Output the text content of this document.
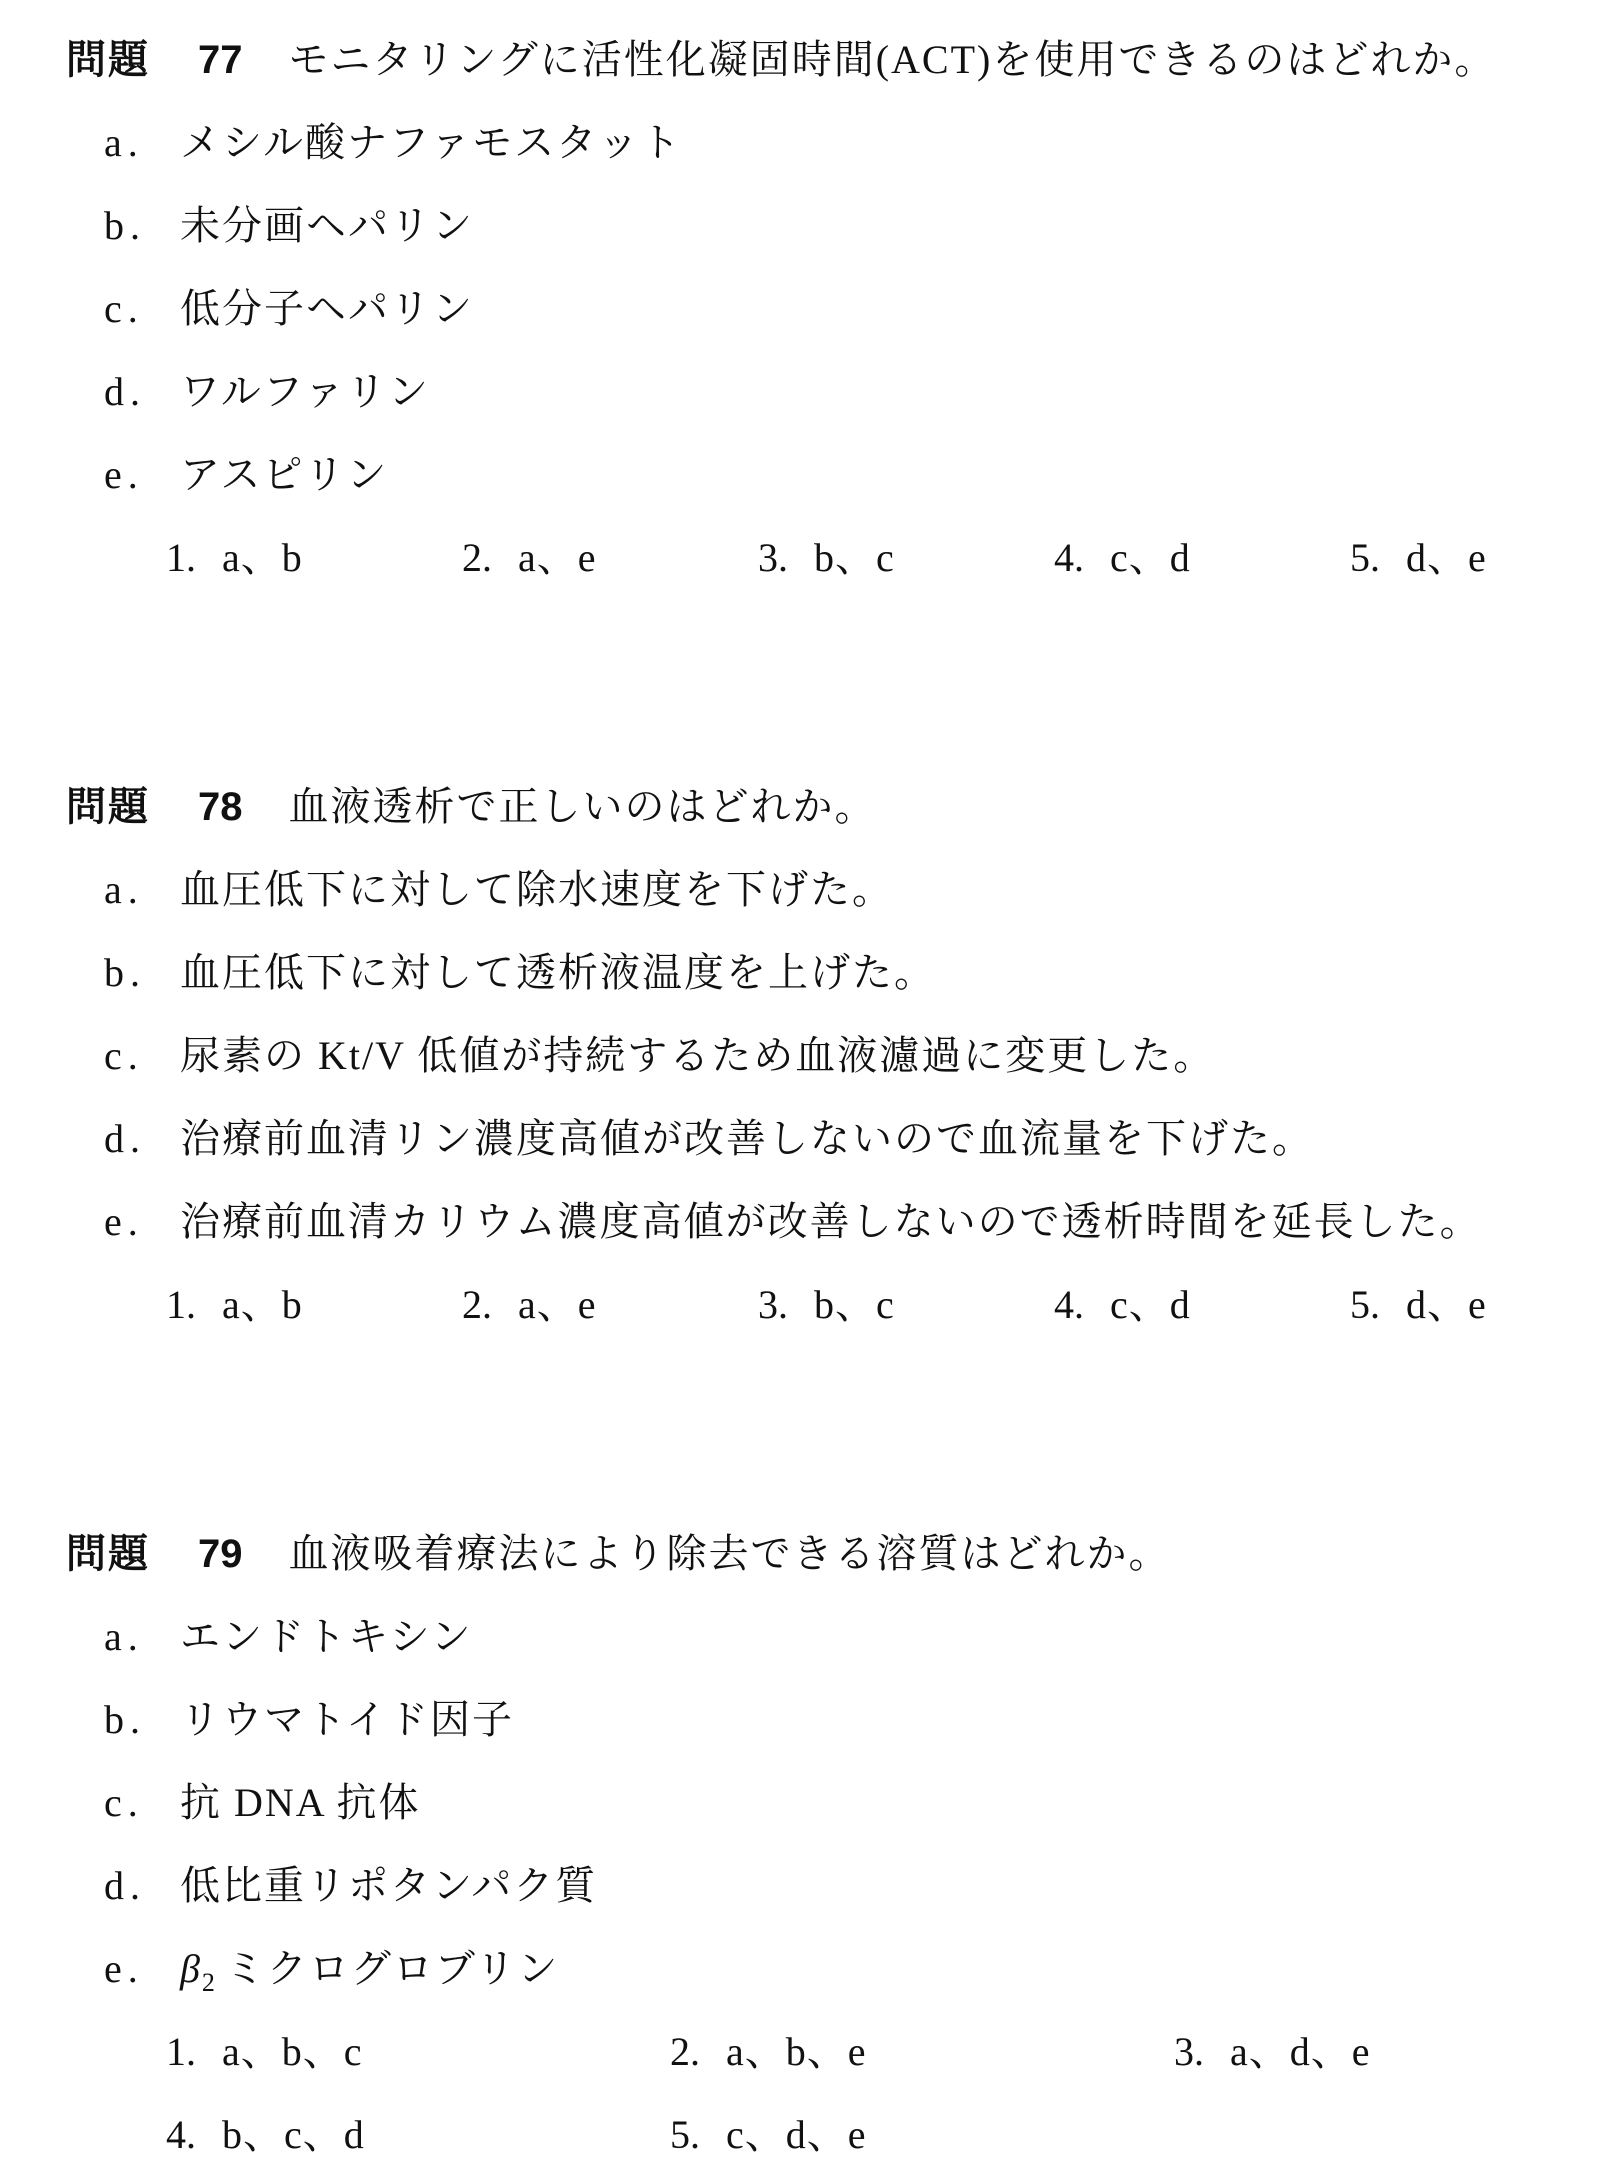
問題 77 モニタリングに活性化凝固時間(ACT)を使用できるのはどれか。
a. メシル酸ナファモスタット
b. 未分画ヘパリン
c. 低分子ヘパリン
d. ワルファリン
e. アスピリン
1. a、b	2. a、e	3. b、c	4. c、d	5. d、e
問題 78 血液透析で正しいのはどれか。
a. 血圧低下に対して除水速度を下げた。
b. 血圧低下に対して透析液温度を上げた。
c. 尿素の Kt/V 低値が持続するため血液濾過に変更した。
d. 治療前血清リン濃度高値が改善しないので血流量を下げた。
e. 治療前血清カリウム濃度高値が改善しないので透析時間を延長した。
1. a、b	2. a、e	3. b、c	4. c、d	5. d、e
問題 79 血液吸着療法により除去できる溶質はどれか。
a. エンドトキシン
b. リウマトイド因子
c. 抗 DNA 抗体
d. 低比重リポタンパク質
e. $\beta_2$ ミクログロブリン
1. a、b、c	2. a、b、e	3. a、d、e
4. b、c、d	5. c、d、e
